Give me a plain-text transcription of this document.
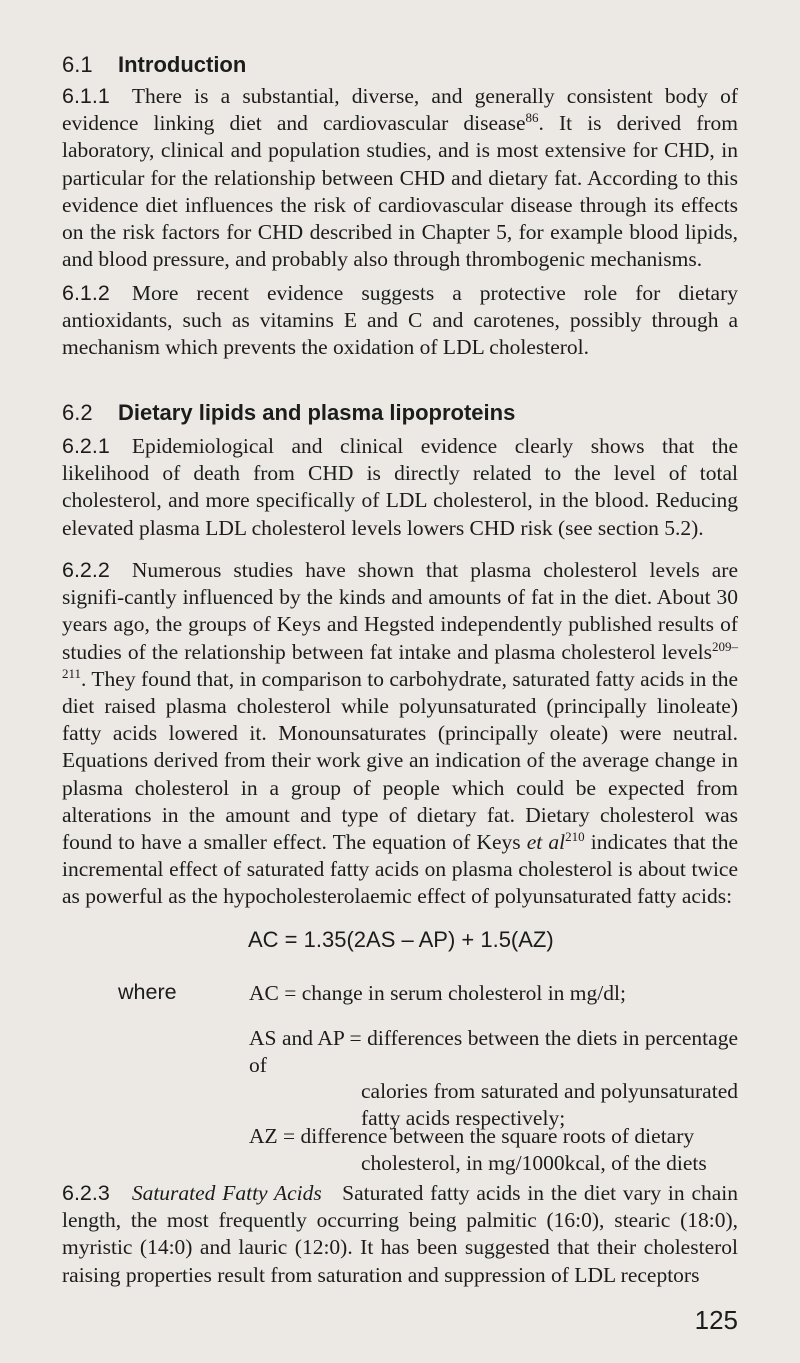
6.1 Introduction

6.1.1 There is a substantial, diverse, and generally consistent body of evidence linking diet and cardiovascular disease$^{86}$. It is derived from laboratory, clinical and population studies, and is most extensive for CHD, in particular for the relationship between CHD and dietary fat. According to this evidence diet influences the risk of cardiovascular disease through its effects on the risk factors for CHD described in Chapter 5, for example blood lipids, and blood pressure, and probably also through thrombogenic mechanisms.

6.1.2 More recent evidence suggests a protective role for dietary antioxidants, such as vitamins E and C and carotenes, possibly through a mechanism which prevents the oxidation of LDL cholesterol.

6.2 Dietary lipids and plasma lipoproteins

6.2.1 Epidemiological and clinical evidence clearly shows that the likelihood of death from CHD is directly related to the level of total cholesterol, and more specifically of LDL cholesterol, in the blood. Reducing elevated plasma LDL cholesterol levels lowers CHD risk (see section 5.2).

6.2.2 Numerous studies have shown that plasma cholesterol levels are signifi-cantly influenced by the kinds and amounts of fat in the diet. About 30 years ago, the groups of Keys and Hegsted independently published results of studies of the relationship between fat intake and plasma cholesterol levels$^{209-211}$. They found that, in comparison to carbohydrate, saturated fatty acids in the diet raised plasma cholesterol while polyunsaturated (principally linoleate) fatty acids lowered it. Monounsaturates (principally oleate) were neutral. Equations derived from their work give an indication of the average change in plasma cholesterol in a group of people which could be expected from alterations in the amount and type of dietary fat. Dietary cholesterol was found to have a smaller effect. The equation of Keys et $al^{210}$ indicates that the incremental effect of saturated fatty acids on plasma cholesterol is about twice as powerful as the hypocholesterolaemic effect of polyunsaturated fatty acids:

AC = 1.35(2AS – AP) + 1.5(AZ)
where	AC = change in serum cholesterol in mg/dl;

AS and AP = differences between the diets in percentage of
calories from saturated and polyunsaturated fatty acids respectively;

AZ = difference between the square roots of dietary
cholesterol, in mg/1000kcal, of the diets

6.2.3 Saturated Fatty Acids Saturated fatty acids in the diet vary in chain length, the most frequently occurring being palmitic (16:0), stearic (18:0), myristic (14:0) and lauric (12:0). It has been suggested that their cholesterol raising properties result from saturation and suppression of LDL receptors

125
